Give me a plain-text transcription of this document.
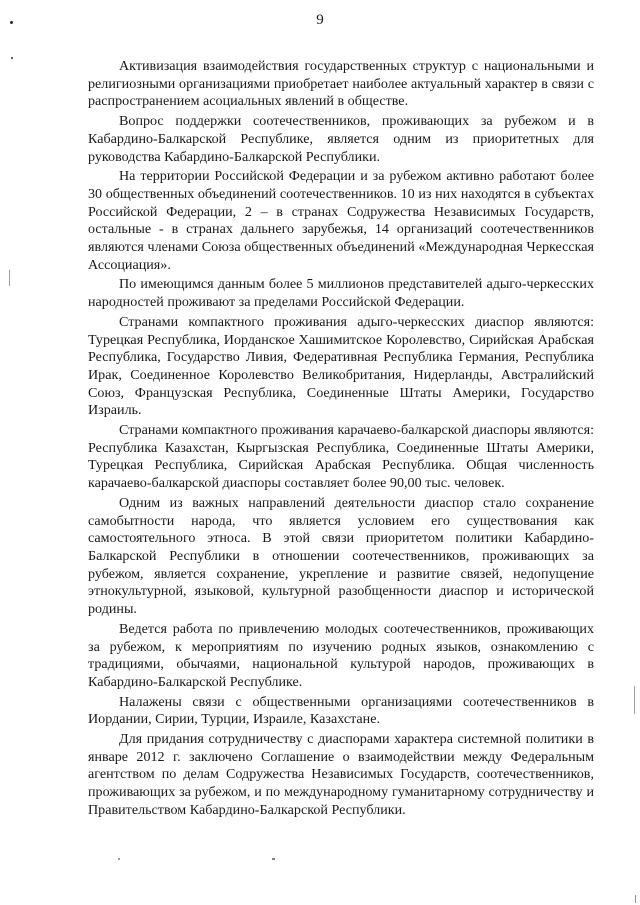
9

Активизация взаимодействия государственных структур с национальными и религиозными организациями приобретает наиболее актуальный характер в связи с распространением асоциальных явлений в обществе.

Вопрос поддержки соотечественников, проживающих за рубежом и в Кабардино-Балкарской Республике, является одним из приоритетных для руководства Кабардино-Балкарской Республики.

На территории Российской Федерации и за рубежом активно работают более 30 общественных объединений соотечественников. 10 из них находятся в субъектах Российской Федерации, 2 – в странах Содружества Независимых Государств, остальные - в странах дальнего зарубежья, 14 организаций соотечественников являются членами Союза общественных объединений «Международная Черкесская Ассоциация».

По имеющимся данным более 5 миллионов представителей адыго-черкесских народностей проживают за пределами Российской Федерации.

Странами компактного проживания адыго-черкесских диаспор являются: Турецкая Республика, Иорданское Хашимитское Королевство, Сирийская Арабская Республика, Государство Ливия, Федеративная Республика Германия, Республика Ирак, Соединенное Королевство Великобритания, Нидерланды, Австралийский Союз, Французская Республика, Соединенные Штаты Америки, Государство Израиль.

Странами компактного проживания карачаево-балкарской диаспоры являются: Республика Казахстан, Кыргызская Республика, Соединенные Штаты Америки, Турецкая Республика, Сирийская Арабская Республика. Общая численность карачаево-балкарской диаспоры составляет более 90,00 тыс. человек.

Одним из важных направлений деятельности диаспор стало сохранение самобытности народа, что является условием его существования как самостоятельного этноса. В этой связи приоритетом политики Кабардино-Балкарской Республики в отношении соотечественников, проживающих за рубежом, является сохранение, укрепление и развитие связей, недопущение этнокультурной, языковой, культурной разобщенности диаспор и исторической родины.

Ведется работа по привлечению молодых соотечественников, проживающих за рубежом, к мероприятиям по изучению родных языков, ознакомлению с традициями, обычаями, национальной культурой народов, проживающих в Кабардино-Балкарской Республике.

Налажены связи с общественными организациями соотечественников в Иордании, Сирии, Турции, Израиле, Казахстане.

Для придания сотрудничеству с диаспорами характера системной политики в январе 2012 г. заключено Соглашение о взаимодействии между Федеральным агентством по делам Содружества Независимых Государств, соотечественников, проживающих за рубежом, и по международному гуманитарному сотрудничеству и Правительством Кабардино-Балкарской Республики.
